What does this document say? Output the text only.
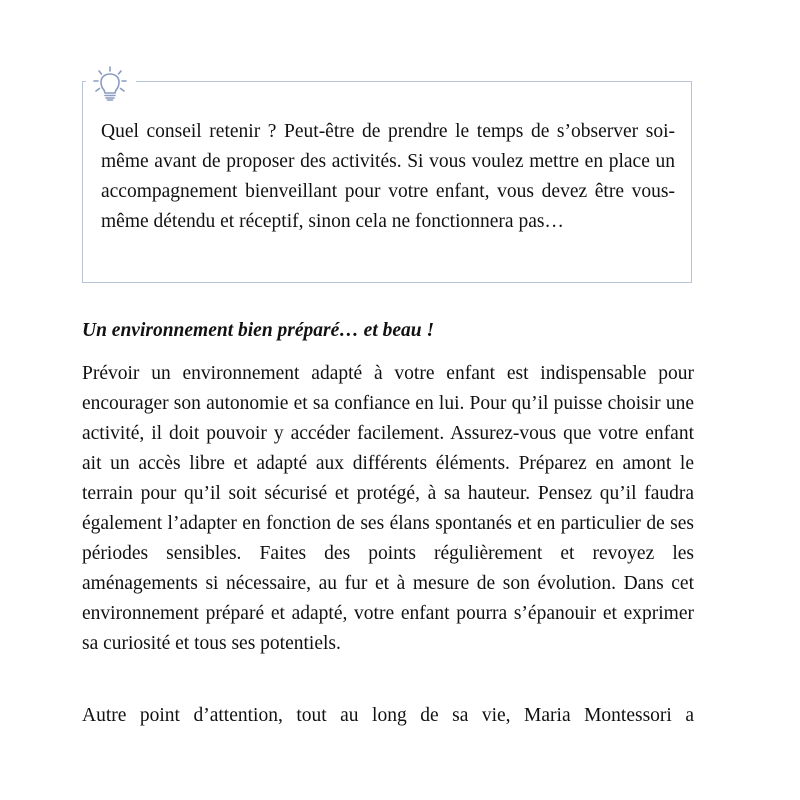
Quel conseil retenir ? Peut-être de prendre le temps de s’observer soi-même avant de proposer des activités. Si vous voulez mettre en place un accompagnement bienveillant pour votre enfant, vous devez être vous-même détendu et réceptif, sinon cela ne fonctionnera pas…

Un environnement bien préparé… et beau !

Prévoir un environnement adapté à votre enfant est indispensable pour encourager son autonomie et sa confiance en lui. Pour qu’il puisse choisir une activité, il doit pouvoir y accéder facilement. Assurez-vous que votre enfant ait un accès libre et adapté aux différents éléments. Préparez en amont le terrain pour qu’il soit sécurisé et protégé, à sa hauteur. Pensez qu’il faudra également l’adapter en fonction de ses élans spontanés et en particulier de ses périodes sensibles. Faites des points régulièrement et revoyez les aménagements si nécessaire, au fur et à mesure de son évolution. Dans cet environnement préparé et adapté, votre enfant pourra s’épanouir et exprimer sa curiosité et tous ses potentiels.

Autre point d’attention, tout au long de sa vie, Maria Montessori a
